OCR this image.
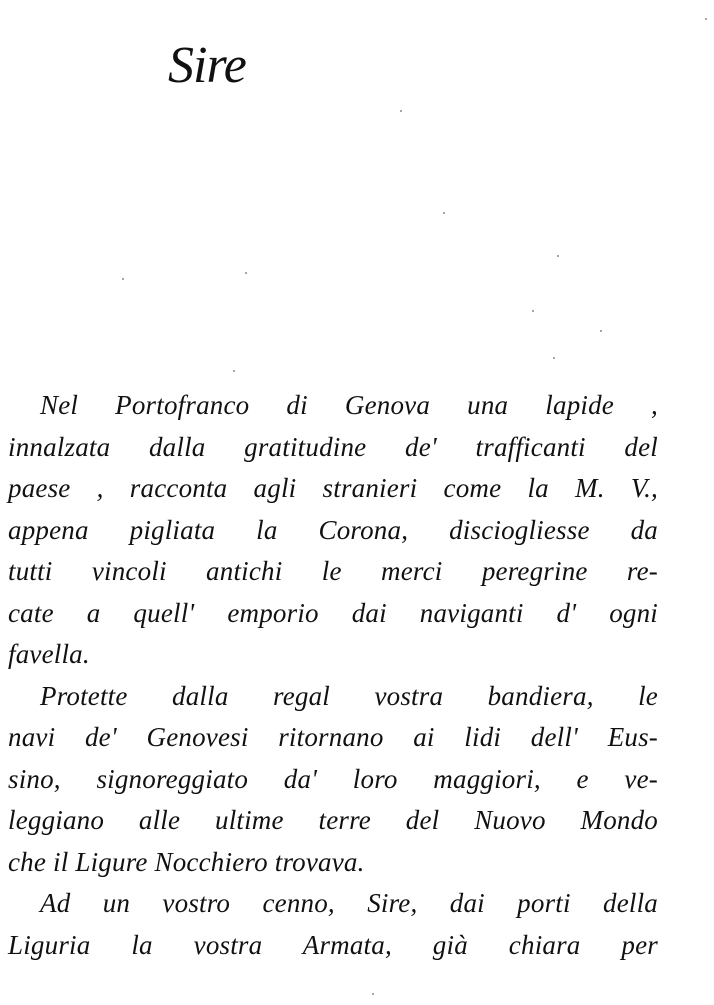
Sire
Nel Portofranco di Genova una lapide ,
innalzata dalla gratitudine de' trafficanti del
paese , racconta agli stranieri come la M. V.,
appena pigliata la Corona, disciogliesse da
tutti vincoli antichi le merci peregrine re-
cate a quell' emporio dai naviganti d' ogni
favella.
Protette dalla regal vostra bandiera, le
navi de' Genovesi ritornano ai lidi dell' Eus-
sino, signoreggiato da' loro maggiori, e ve-
leggiano alle ultime terre del Nuovo Mondo
che il Ligure Nocchiero trovava.
Ad un vostro cenno, Sire, dai porti della
Liguria la vostra Armata, già chiara per
